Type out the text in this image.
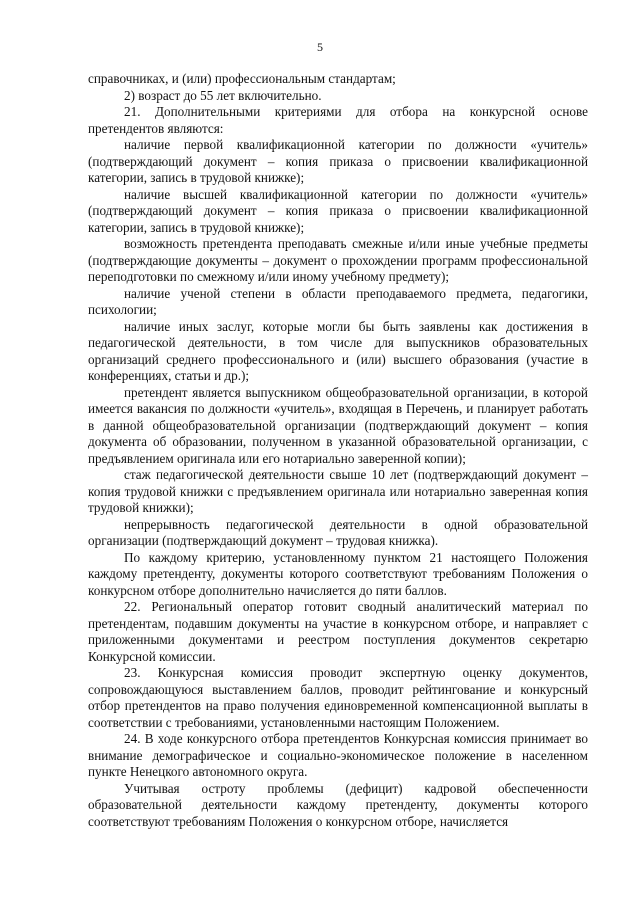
5

справочниках, и (или) профессиональным стандартам;

2) возраст до 55 лет включительно.

21. Дополнительными критериями для отбора на конкурсной основе претендентов являются:

наличие первой квалификационной категории по должности «учитель» (подтверждающий документ – копия приказа о присвоении квалификационной категории, запись в трудовой книжке);

наличие высшей квалификационной категории по должности «учитель» (подтверждающий документ – копия приказа о присвоении квалификационной категории, запись в трудовой книжке);

возможность претендента преподавать смежные и/или иные учебные предметы (подтверждающие документы – документ о прохождении программ профессиональной переподготовки по смежному и/или иному учебному предмету);

наличие ученой степени в области преподаваемого предмета, педагогики, психологии;

наличие иных заслуг, которые могли бы быть заявлены как достижения в педагогической деятельности, в том числе для выпускников образовательных организаций среднего профессионального и (или) высшего образования (участие в конференциях, статьи и др.);

претендент является выпускником общеобразовательной организации, в которой имеется вакансия по должности «учитель», входящая в Перечень, и планирует работать в данной общеобразовательной организации (подтверждающий документ – копия документа об образовании, полученном в указанной образовательной организации, с предъявлением оригинала или его нотариально заверенной копии);

стаж педагогической деятельности свыше 10 лет (подтверждающий документ – копия трудовой книжки с предъявлением оригинала или нотариально заверенная копия трудовой книжки);

непрерывность педагогической деятельности в одной образовательной организации (подтверждающий документ – трудовая книжка).

По каждому критерию, установленному пунктом 21 настоящего Положения каждому претенденту, документы которого соответствуют требованиям Положения о конкурсном отборе дополнительно начисляется до пяти баллов.

22. Региональный оператор готовит сводный аналитический материал по претендентам, подавшим документы на участие в конкурсном отборе, и направляет с приложенными документами и реестром поступления документов секретарю Конкурсной комиссии.

23. Конкурсная комиссия проводит экспертную оценку документов, сопровождающуюся выставлением баллов, проводит рейтингование и конкурсный отбор претендентов на право получения единовременной компенсационной выплаты в соответствии с требованиями, установленными настоящим Положением.

24. В ходе конкурсного отбора претендентов Конкурсная комиссия принимает во внимание демографическое и социально-экономическое положение в населенном пункте Ненецкого автономного округа.

Учитывая остроту проблемы (дефицит) кадровой обеспеченности образовательной деятельности каждому претенденту, документы которого соответствуют требованиям Положения о конкурсном отборе, начисляется
